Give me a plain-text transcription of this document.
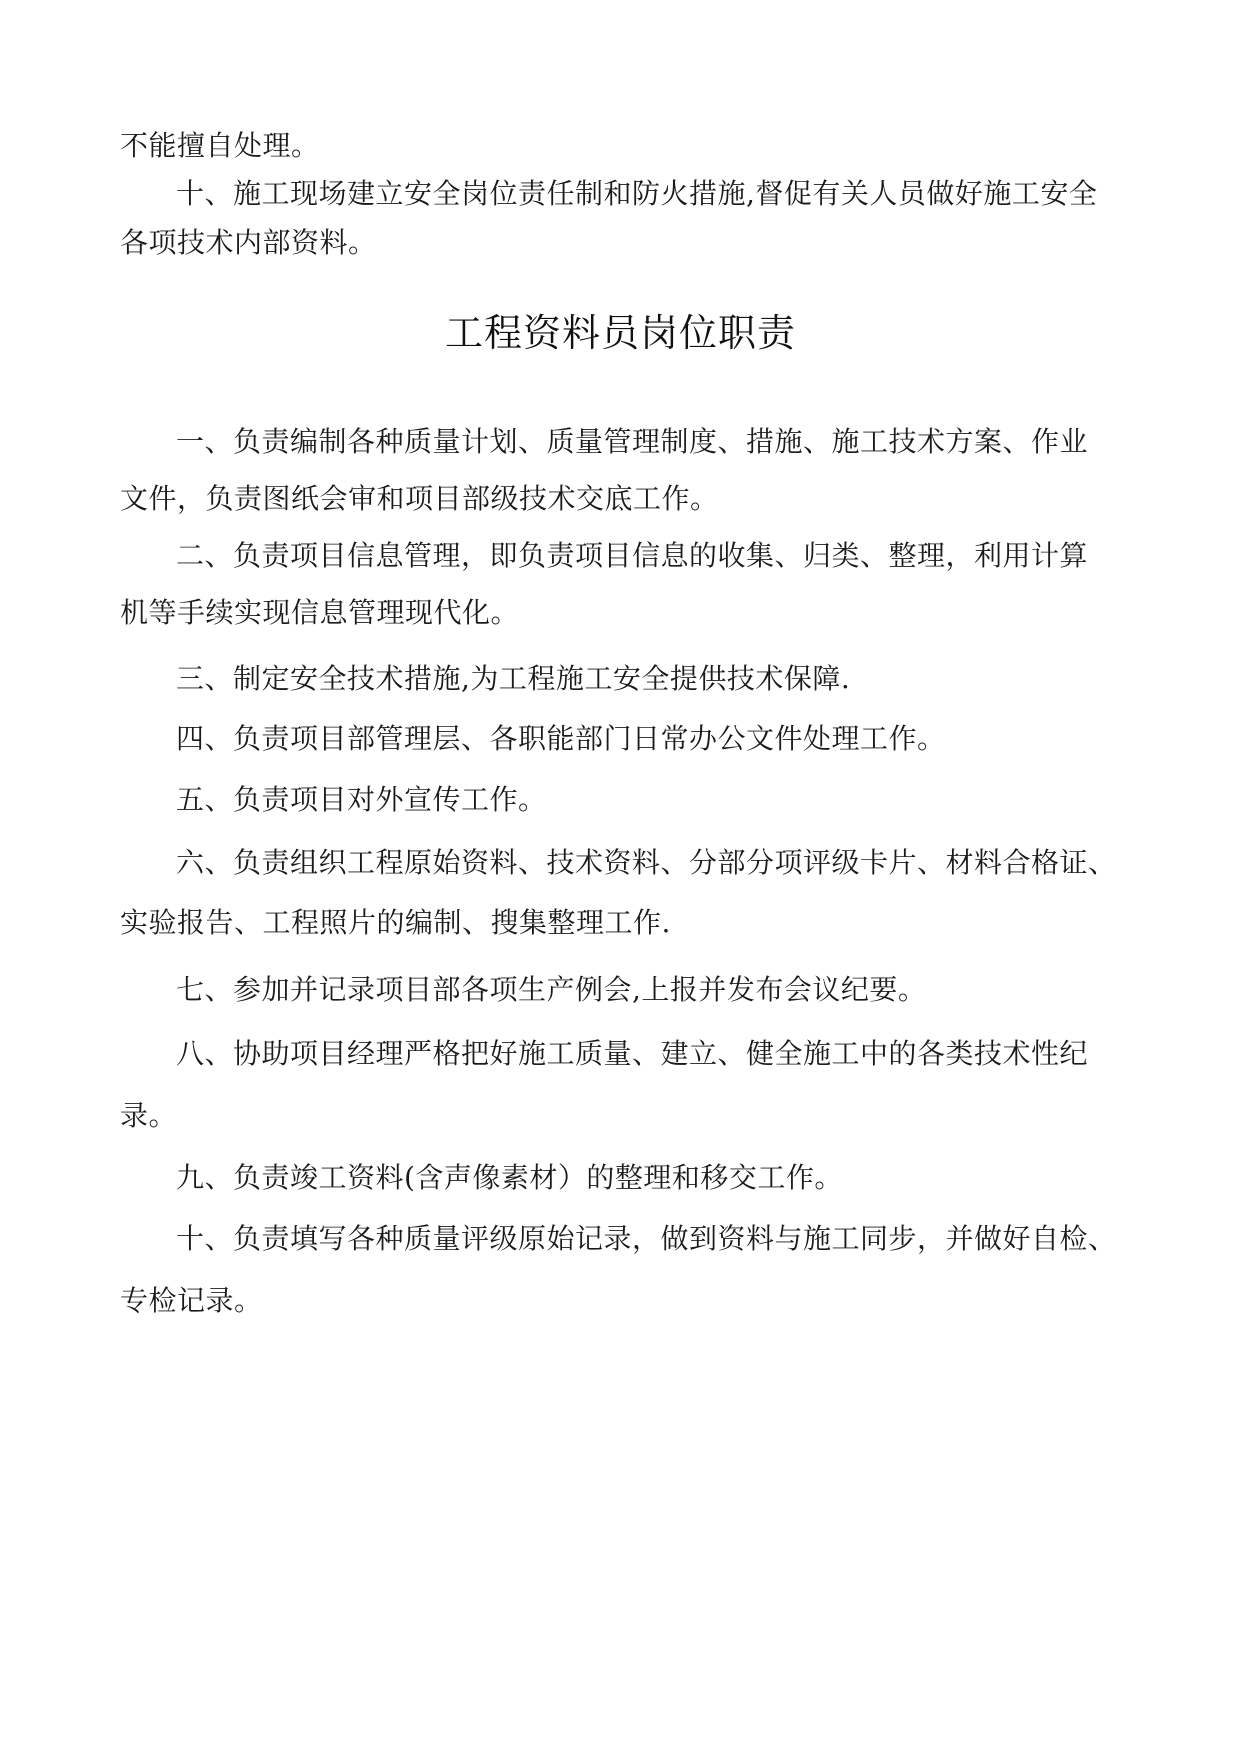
不能擅自处理。
十、施工现场建立安全岗位责任制和防火措施,督促有关人员做好施工安全
各项技术内部资料。
工程资料员岗位职责
一、负责编制各种质量计划、质量管理制度、措施、施工技术方案、作业
文件，负责图纸会审和项目部级技术交底工作。
二、负责项目信息管理，即负责项目信息的收集、归类、整理，利用计算
机等手续实现信息管理现代化。
三、制定安全技术措施,为工程施工安全提供技术保障.
四、负责项目部管理层、各职能部门日常办公文件处理工作。
五、负责项目对外宣传工作。
六、负责组织工程原始资料、技术资料、分部分项评级卡片、材料合格证、
实验报告、工程照片的编制、搜集整理工作.
七、参加并记录项目部各项生产例会,上报并发布会议纪要。
八、协助项目经理严格把好施工质量、建立、健全施工中的各类技术性纪
录。
九、负责竣工资料(含声像素材）的整理和移交工作。
十、负责填写各种质量评级原始记录，做到资料与施工同步，并做好自检、
专检记录。
